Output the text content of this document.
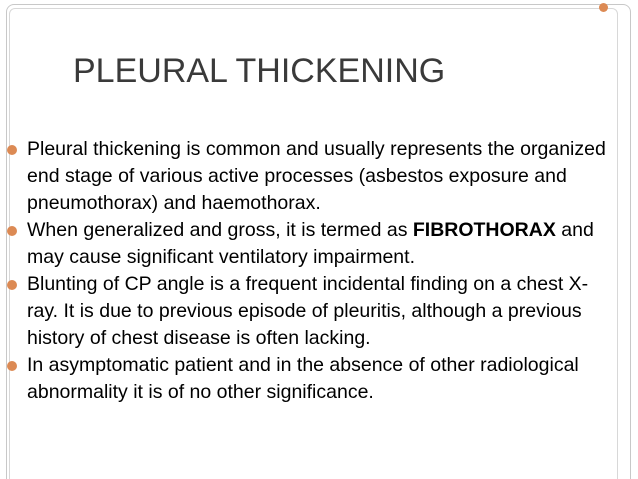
PLEURAL THICKENING
Pleural thickening is common and usually represents the organized end stage of various active processes (asbestos exposure and pneumothorax) and haemothorax.
When generalized and gross, it is termed as FIBROTHORAX and may cause significant ventilatory impairment.
Blunting of CP angle is a frequent incidental finding on a chest X-ray. It is due to previous episode of pleuritis, although a previous history of chest disease is often lacking.
In asymptomatic patient and in the absence of other radiological abnormality it is of no other significance.
